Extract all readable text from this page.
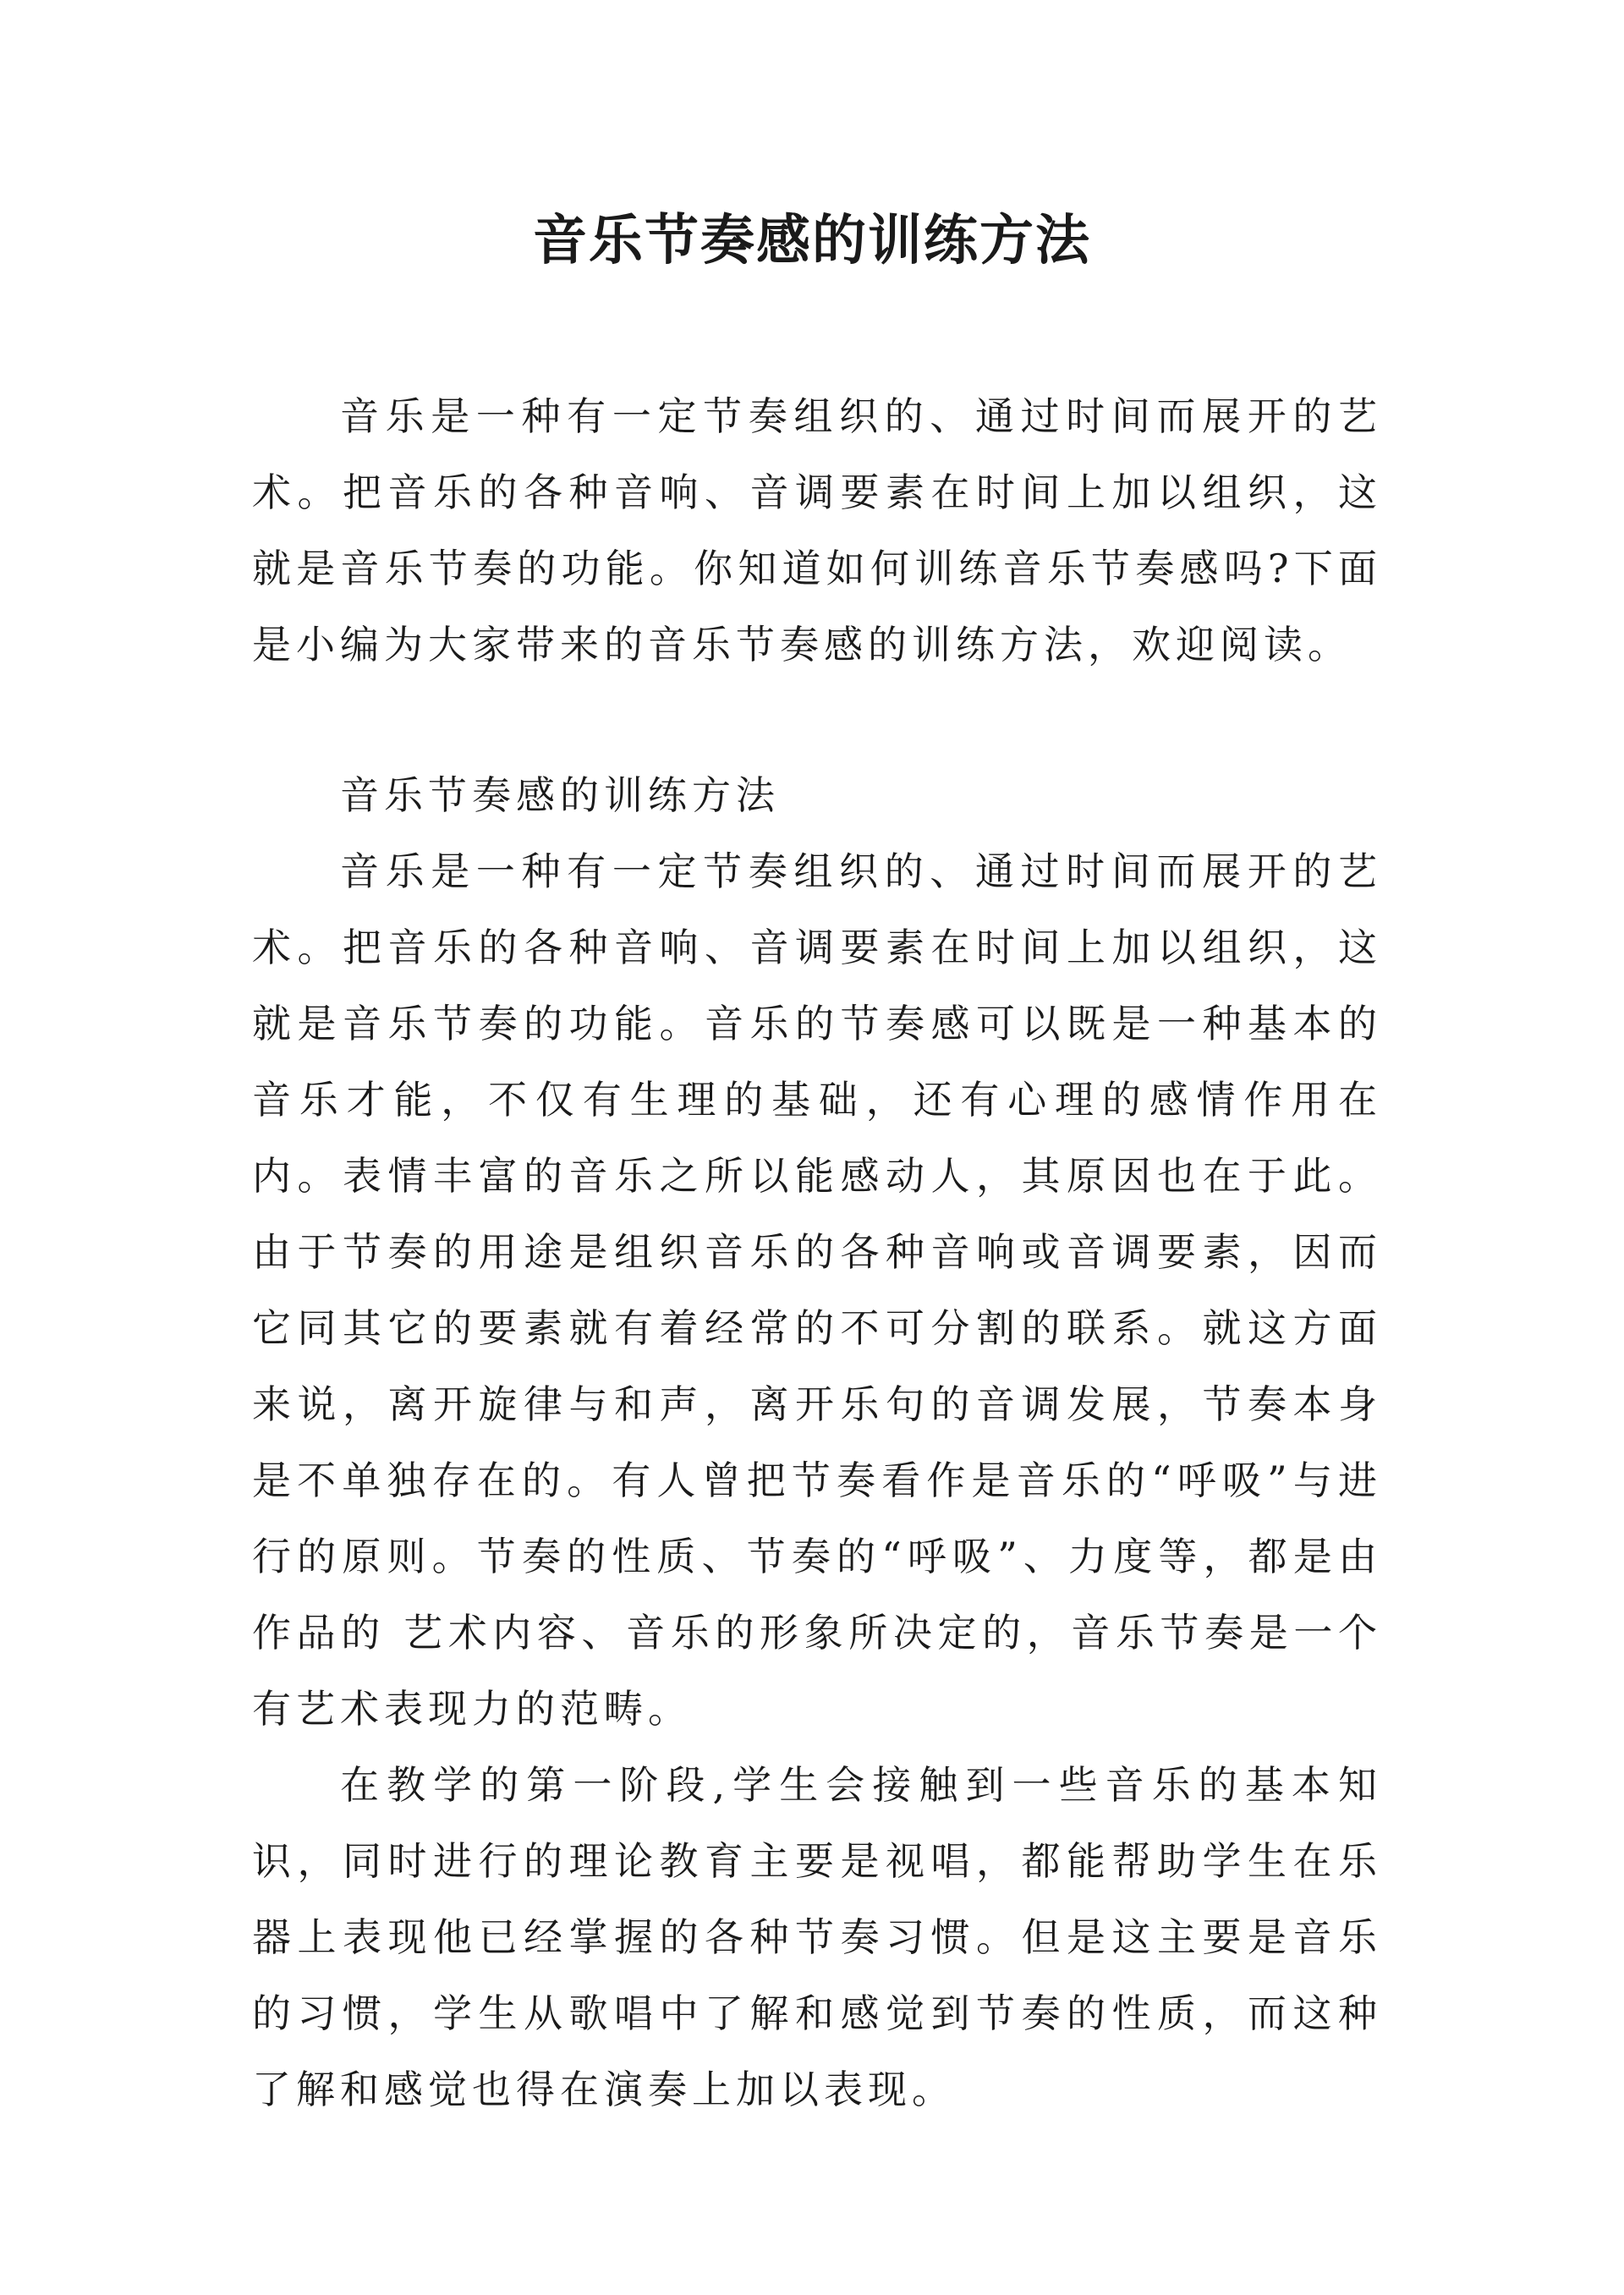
音乐节奏感的训练方法

音乐是一种有一定节奏组织的、通过时间而展开的艺术。把音乐的各种音响、音调要素在时间上加以组织，这就是音乐节奏的功能。你知道如何训练音乐节奏感吗?下面是小编为大家带来的音乐节奏感的训练方法，欢迎阅读。

音乐节奏感的训练方法

音乐是一种有一定节奏组织的、通过时间而展开的艺术。把音乐的各种音响、音调要素在时间上加以组织，这就是音乐节奏的功能。音乐的节奏感可以既是一种基本的音乐才能，不仅有生理的基础，还有心理的感情作用在内。表情丰富的音乐之所以能感动人，其原因也在于此。由于节奏的用途是组织音乐的各种音响或音调要素，因而它同其它的要素就有着经常的不可分割的联系。就这方面来说，离开旋律与和声，离开乐句的音调发展，节奏本身是不单独存在的。有人曾把节奏看作是音乐的“呼吸”与进行的原则。节奏的性质、节奏的“呼吸”、力度等，都是由作品的 艺术内容、音乐的形象所决定的，音乐节奏是一个有艺术表现力的范畴。

在教学的第一阶段,学生会接触到一些音乐的基本知识，同时进行的理论教育主要是视唱，都能帮助学生在乐器上表现他已经掌握的各种节奏习惯。但是这主要是音乐的习惯，学生从歌唱中了解和感觉到节奏的性质，而这种了解和感觉也得在演奏上加以表现。
